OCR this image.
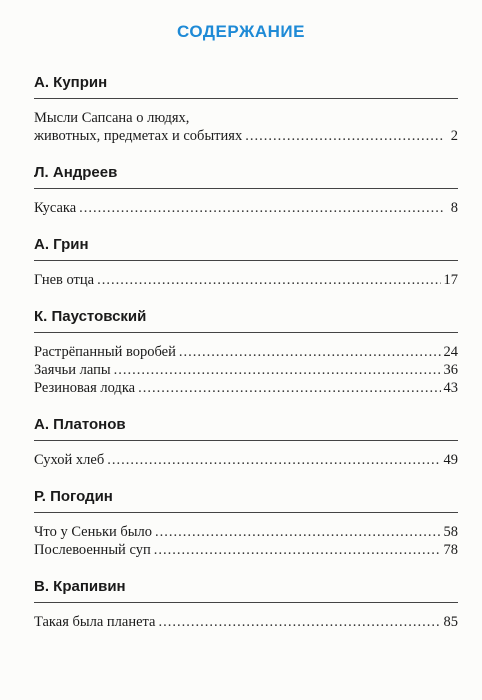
СОДЕРЖАНИЕ
А. Куприн
Мысли Сапсана о людях,
животных, предметах и событиях .....	2
Л. Андреев
Кусака .....	8
А. Грин
Гнев отца .....	17
К. Паустовский
Растрёпанный воробей .....	24
Заячьи лапы .....	36
Резиновая лодка .....	43
А. Платонов
Сухой хлеб .....	49
Р. Погодин
Что у Сеньки было .....	58
Послевоенный суп .....	78
В. Крапивин
Такая была планета .....	85
